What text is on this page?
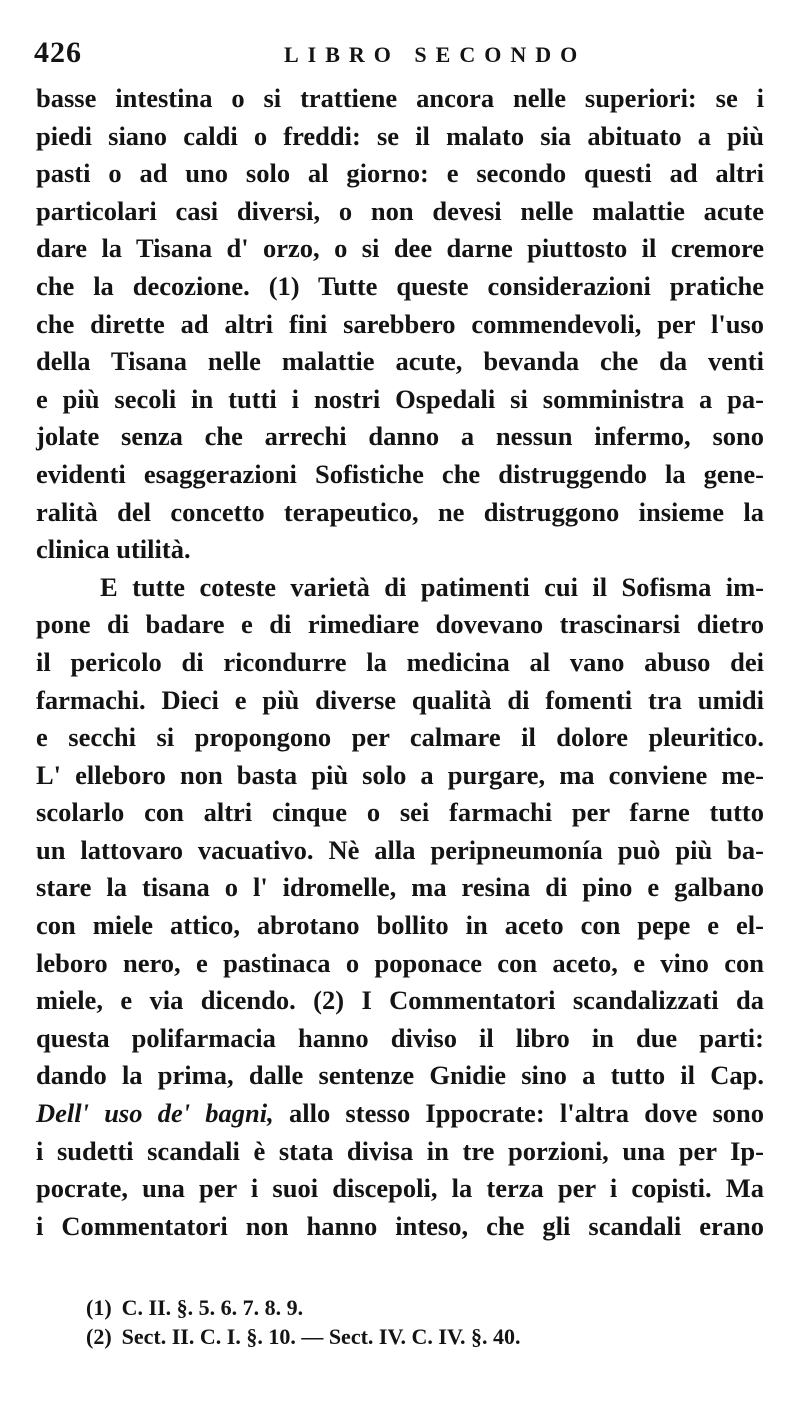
426	LIBRO SECONDO
basse intestina o si trattiene ancora nelle superiori: se i
piedi siano caldi o freddi: se il malato sia abituato a più
pasti o ad uno solo al giorno: e secondo questi ad altri
particolari casi diversi, o non devesi nelle malattie acute
dare la Tisana d' orzo, o si dee darne piuttosto il cremore
che la decozione. (1) Tutte queste considerazioni pratiche
che dirette ad altri fini sarebbero commendevoli, per l'uso
della Tisana nelle malattie acute, bevanda che da venti
e più secoli in tutti i nostri Ospedali si somministra a pa-
jolate senza che arrechi danno a nessun infermo, sono
evidenti esaggerazioni Sofistiche che distruggendo la gene-
ralità del concetto terapeutico, ne distruggono insieme la
clinica utilità.
E tutte coteste varietà di patimenti cui il Sofisma im-
pone di badare e di rimediare dovevano trascinarsi dietro
il pericolo di ricondurre la medicina al vano abuso dei
farmachi. Dieci e più diverse qualità di fomenti tra umidi
e secchi si propongono per calmare il dolore pleuritico.
L' elleboro non basta più solo a purgare, ma conviene me-
scolarlo con altri cinque o sei farmachi per farne tutto
un lattovaro vacuativo. Nè alla peripneumonía può più ba-
stare la tisana o l' idromelle, ma resina di pino e galbano
con miele attico, abrotano bollito in aceto con pepe e el-
leboro nero, e pastinaca o poponace con aceto, e vino con
miele, e via dicendo. (2) I Commentatori scandalizzati da
questa polifarmacia hanno diviso il libro in due parti:
dando la prima, dalle sentenze Gnidie sino a tutto il Cap.
Dell' uso de' bagni, allo stesso Ippocrate: l'altra dove sono
i sudetti scandali è stata divisa in tre porzioni, una per Ip-
pocrate, una per i suoi discepoli, la terza per i copisti. Ma
i Commentatori non hanno inteso, che gli scandali erano
(1) C. II. §. 5. 6. 7. 8. 9.
(2) Sect. II. C. I. §. 10. — Sect. IV. C. IV. §. 40.
